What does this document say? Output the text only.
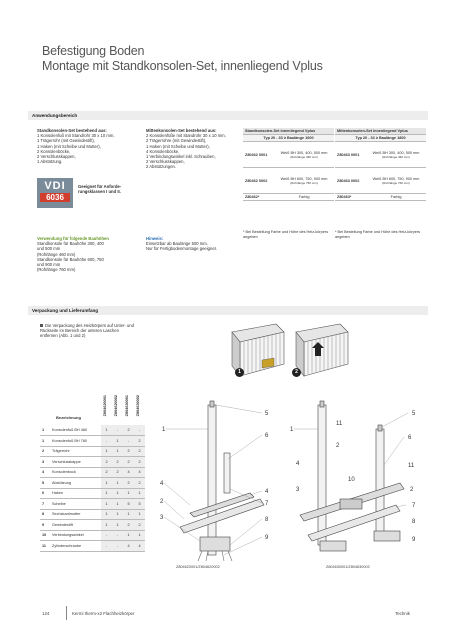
Befestigung Boden
Montage mit Standkonsolen-Set, innenliegend Vplus
Anwendungsbereich
Standkonsolen-Set bestehend aus:
1 Konsolenfuß mit Standrohr 30 x 10 mm,
1 Trägerrohr (mit Gewindestift),
1 Haken (mit Scheibe und Mutter),
2 Konsolenböcke,
2 Verschlusskappen,
1 Abstützung.
Mittenkonsolen-Set bestehend aus:
2 Konsolenfüße mit Standrohr 30 x 10 mm,
2 Trägerrohre (mit Gewindestift),
1 Haken (mit Scheibe und Mutter),
4 Konsolenböcke,
1 Verbindungswinkel inkl. Schrauben,
2 Verschlusskappen,
2 Abstützungen.
VDI
6036
Geeignet für Anforde-rungsklassen I und II.
Verwendung für folgende Bauhöhen
Standkonsole für Bauhöhe 300, 400
und 500 mm
(Rohrlänge 460 mm)
Standkonsole für Bauhöhe 600, 750
und 900 mm
(Rohrlänge 760 mm)
Hinweis:
Einsetzbar ab Baulänge 500 mm.
Nur für Fertigbodenmontage geeignet.
Standkonsolen-Set innenliegend Vplus	
Typ 20 - 33 ≥ Baulänge 1600	
Z80462 0001	Weiß BH 300, 400, 500 mm
(Rohrlänge 460 mm)

Z80462 0002	Weiß BH 600, 750, 900 mm
(Rohrlänge 760 mm)

Z80462*	Farbig
* Bei Bestellung Farbe und Höhe des Heiz-körpers angeben
Mittenkonsolen-Set innenliegend Vplus	
Typ 20 - 33 ≥ Baulänge 1800	
Z80463 0001	Weiß BH 300, 400, 500 mm
(Rohrlänge 460 mm)

Z80463 0002	Weiß BH 600, 750, 900 mm
(Rohrlänge 760 mm)

Z80463*	Farbig
* Bei Bestellung Farbe und Höhe des Heiz-körpers angeben
Verpackung und Lieferumfang
Die Verpackung des Heizkörpers auf Unter- und Rückseite im Bereich der unteren Laschen entfernen (Abb. 1 und 2)
1	2
Bezeichnung
Z804620001 Z804620002 Z804630001 Z804630002
1	Konsolenfuß BH 460	1	-	2	-
1	Konsolenfuß BH 760	-	1	-	2
2	Trägerrohr	1	1	2	2
3	Verschlusskappe	2	2	2	2
4	Konsolenbock	2	2	4	4
5	Abstützung	1	1	2	2
6	Haken	1	1	1	1
7	Scheibe	1	1	5	5
8	Sechskantmutter	1	1	1	1
9	Gewindestift	1	1	2	2
10	Verbindungswinkel	-	-	1	1
11	Zylinderschraube	-	-	4	4
1
4
2
3
5
6
4
7
8
9
1
4
3
11
2
10
5
6
11
2
7
8
9
Z804620001/Z804620002	Z804630001/Z804630002
124	Kermi therm-x2 Flachheizkörper	Technik
